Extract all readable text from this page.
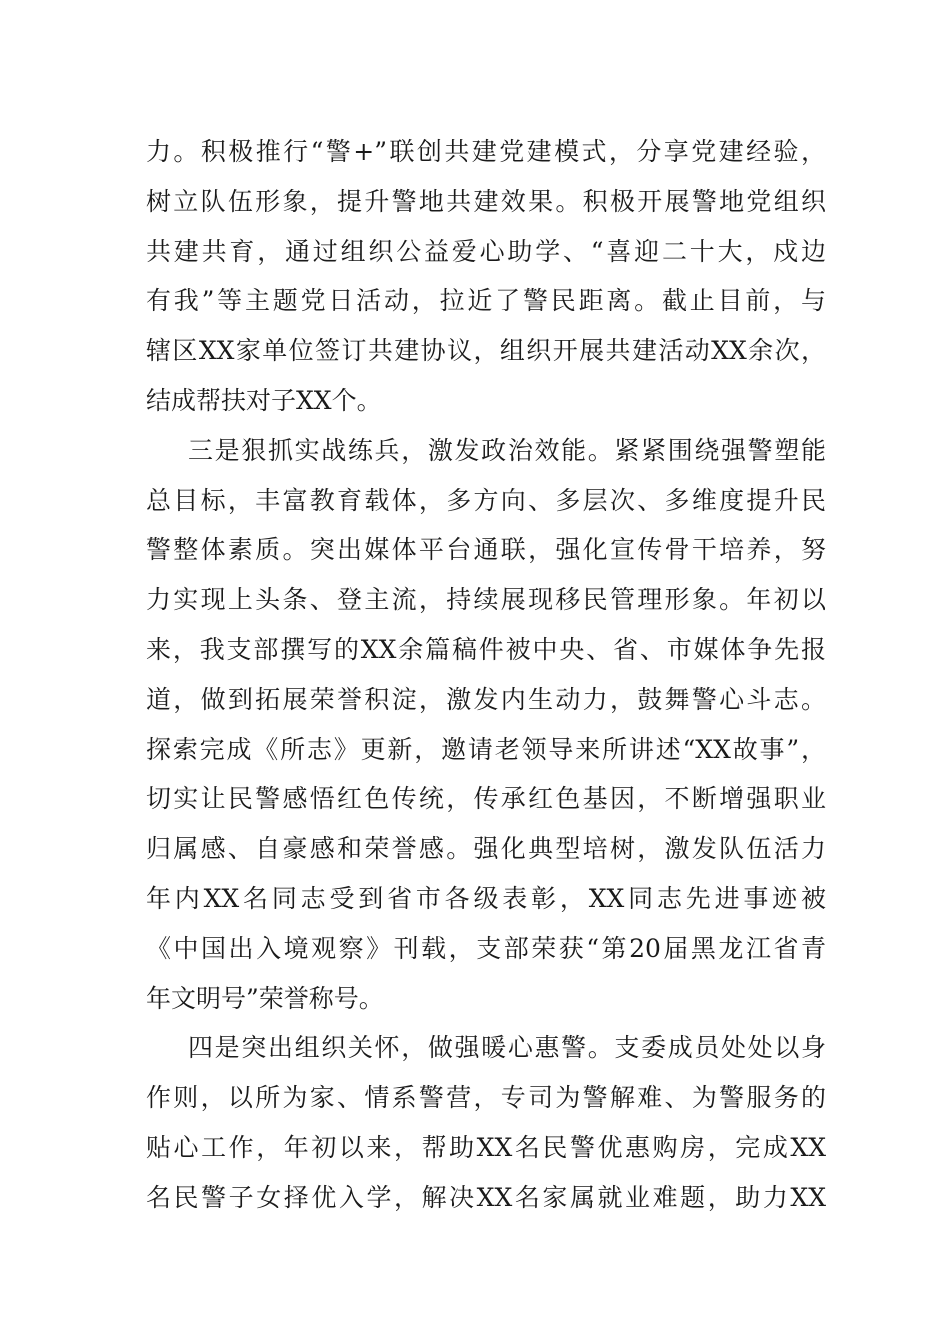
力。积极推行“警+”联创共建党建模式，分享党建经验，
树立队伍形象，提升警地共建效果。积极开展警地党组织
共建共育，通过组织公益爱心助学、“喜迎二十大，戍边
有我”等主题党日活动，拉近了警民距离。截止目前，与
辖区XX家单位签订共建协议，组织开展共建活动XX余次，
结成帮扶对子XX个。
三是狠抓实战练兵，激发政治效能。紧紧围绕强警塑能
总目标，丰富教育载体，多方向、多层次、多维度提升民
警整体素质。突出媒体平台通联，强化宣传骨干培养，努
力实现上头条、登主流，持续展现移民管理形象。年初以
来，我支部撰写的XX余篇稿件被中央、省、市媒体争先报
道，做到拓展荣誉积淀，激发内生动力，鼓舞警心斗志。
探索完成《所志》更新，邀请老领导来所讲述“XX故事”，
切实让民警感悟红色传统，传承红色基因，不断增强职业
归属感、自豪感和荣誉感。强化典型培树，激发队伍活力
年内XX名同志受到省市各级表彰，XX同志先进事迹被
《中国出入境观察》刊载，支部荣获“第20届黑龙江省青
年文明号”荣誉称号。
四是突出组织关怀，做强暖心惠警。支委成员处处以身
作则，以所为家、情系警营，专司为警解难、为警服务的
贴心工作，年初以来，帮助XX名民警优惠购房，完成XX
名民警子女择优入学，解决XX名家属就业难题，助力XX
